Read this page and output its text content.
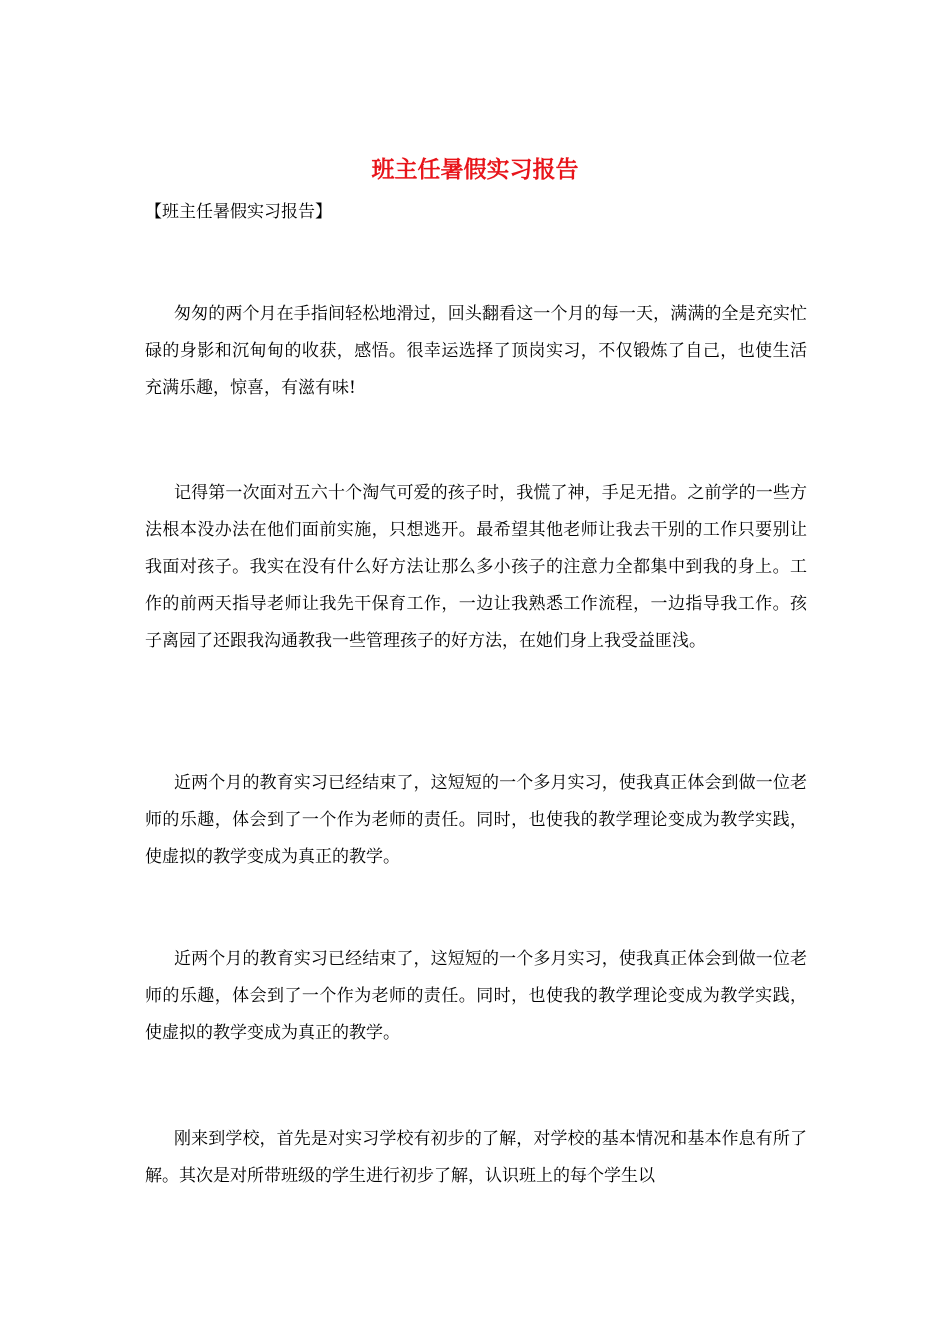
班主任暑假实习报告

【班主任暑假实习报告】

匆匆的两个月在手指间轻松地滑过，回头翻看这一个月的每一天，满满的全是充实忙碌的身影和沉甸甸的收获，感悟。很幸运选择了顶岗实习，不仅锻炼了自己，也使生活充满乐趣，惊喜，有滋有味!

记得第一次面对五六十个淘气可爱的孩子时，我慌了神，手足无措。之前学的一些方法根本没办法在他们面前实施，只想逃开。最希望其他老师让我去干别的工作只要别让我面对孩子。我实在没有什么好方法让那么多小孩子的注意力全都集中到我的身上。工作的前两天指导老师让我先干保育工作，一边让我熟悉工作流程，一边指导我工作。孩子离园了还跟我沟通教我一些管理孩子的好方法，在她们身上我受益匪浅。

近两个月的教育实习已经结束了，这短短的一个多月实习，使我真正体会到做一位老师的乐趣，体会到了一个作为老师的责任。同时，也使我的教学理论变成为教学实践，使虚拟的教学变成为真正的教学。

近两个月的教育实习已经结束了，这短短的一个多月实习，使我真正体会到做一位老师的乐趣，体会到了一个作为老师的责任。同时，也使我的教学理论变成为教学实践，使虚拟的教学变成为真正的教学。

刚来到学校，首先是对实习学校有初步的了解，对学校的基本情况和基本作息有所了解。其次是对所带班级的学生进行初步了解，认识班上的每个学生以
